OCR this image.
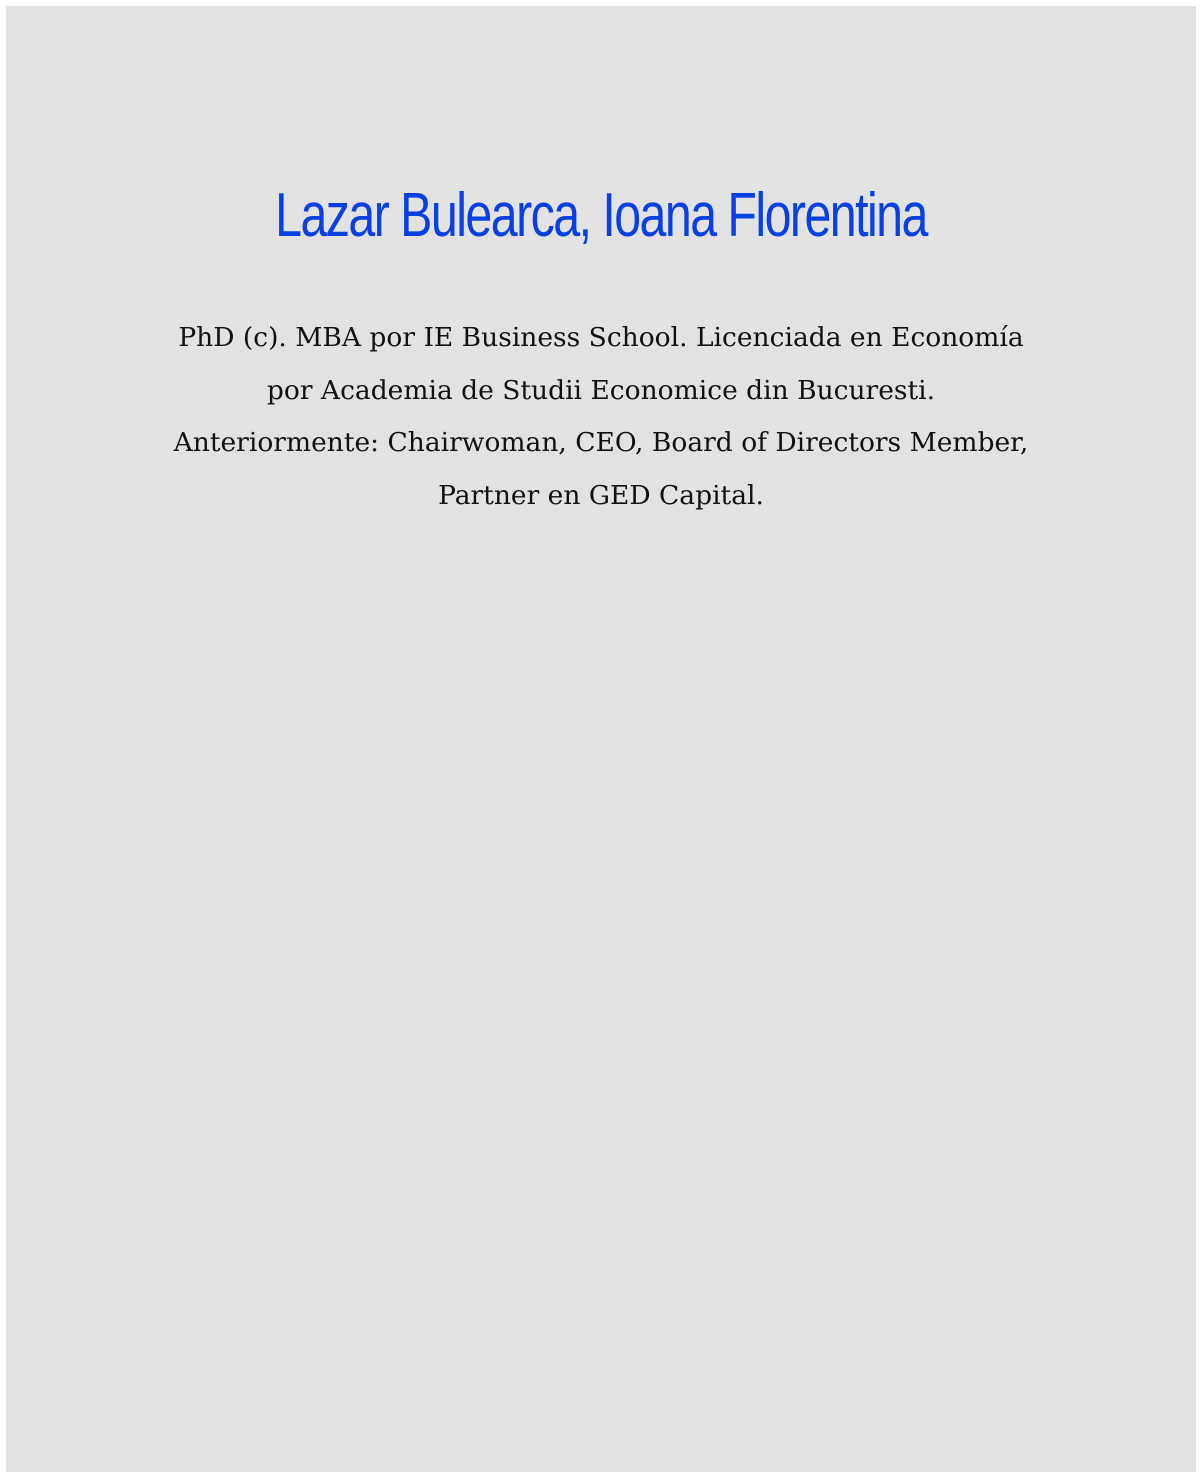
Lazar Bulearca, Ioana Florentina

PhD (c). MBA por IE Business School. Licenciada en Economía
por Academia de Studii Economice din Bucuresti.
Anteriormente: Chairwoman, CEO, Board of Directors Member,
Partner en GED Capital.
